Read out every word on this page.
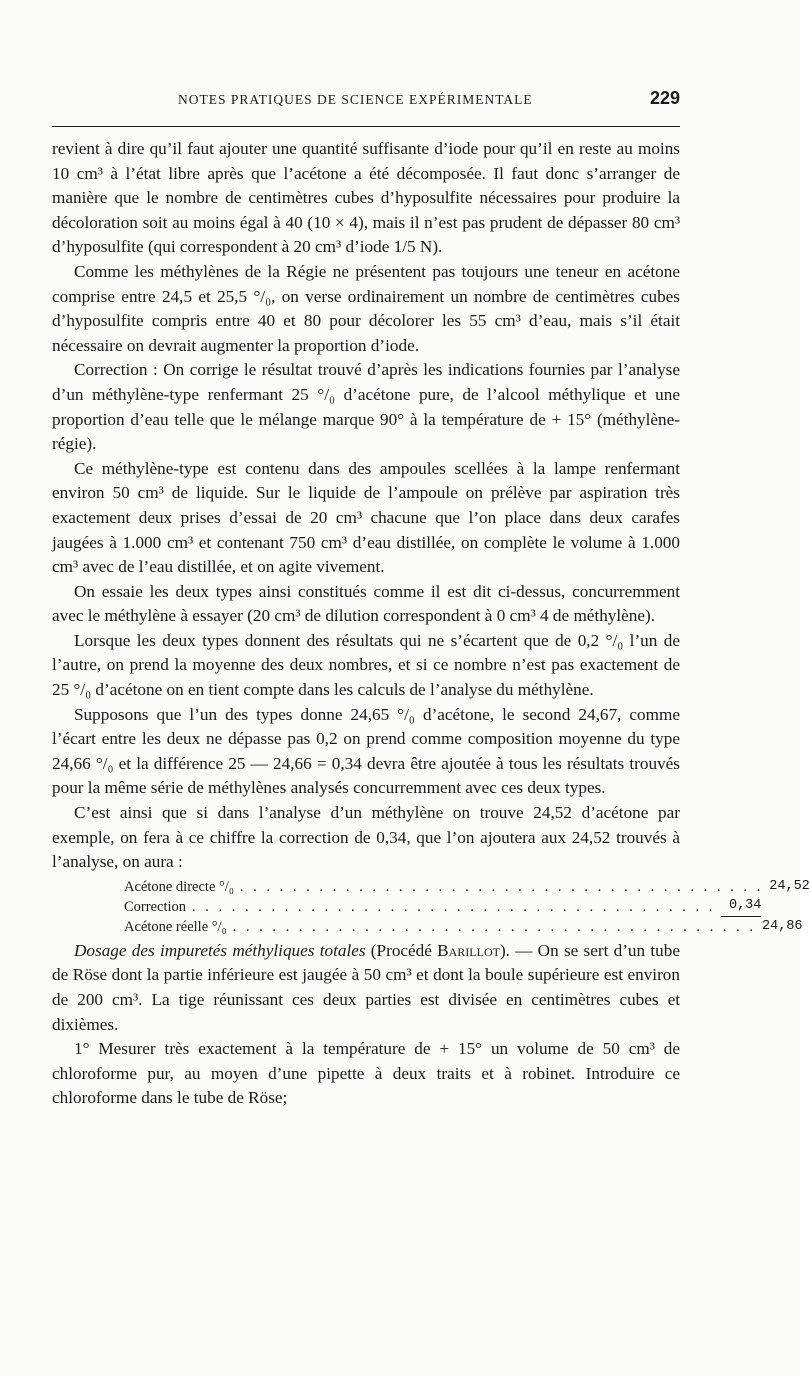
NOTES PRATIQUES DE SCIENCE EXPÉRIMENTALE	229

revient à dire qu’il faut ajouter une quantité suffisante d’iode pour qu’il en reste au moins 10 cm³ à l’état libre après que l’acétone a été décomposée. Il faut donc s’arranger de manière que le nombre de centimètres cubes d’hyposulfite nécessaires pour produire la décoloration soit au moins égal à 40 (10 × 4), mais il n’est pas prudent de dépasser 80 cm³ d’hyposulfite (qui correspondent à 20 cm³ d’iode 1/5 N).

Comme les méthylènes de la Régie ne présentent pas toujours une teneur en acétone comprise entre 24,5 et 25,5 °/₀, on verse ordinairement un nombre de centimètres cubes d’hyposulfite compris entre 40 et 80 pour décolorer les 55 cm³ d’eau, mais s’il était nécessaire on devrait augmenter la proportion d’iode.

Correction : On corrige le résultat trouvé d’après les indications fournies par l’analyse d’un méthylène-type renfermant 25 °/₀ d’acétone pure, de l’alcool méthylique et une proportion d’eau telle que le mélange marque 90° à la température de + 15° (méthylène-régie).

Ce méthylène-type est contenu dans des ampoules scellées à la lampe renfermant environ 50 cm³ de liquide. Sur le liquide de l’ampoule on prélève par aspiration très exactement deux prises d’essai de 20 cm³ chacune que l’on place dans deux carafes jaugées à 1.000 cm³ et contenant 750 cm³ d’eau distillée, on complète le volume à 1.000 cm³ avec de l’eau distillée, et on agite vivement.

On essaie les deux types ainsi constitués comme il est dit ci-dessus, concurremment avec le méthylène à essayer (20 cm³ de dilution correspondent à 0 cm³ 4 de méthylène).

Lorsque les deux types donnent des résultats qui ne s’écartent que de 0,2 °/₀ l’un de l’autre, on prend la moyenne des deux nombres, et si ce nombre n’est pas exactement de 25 °/₀ d’acétone on en tient compte dans les calculs de l’analyse du méthylène.

Supposons que l’un des types donne 24,65 °/₀ d’acétone, le second 24,67, comme l’écart entre les deux ne dépasse pas 0,2 on prend comme composition moyenne du type 24,66 °/₀ et la différence 25 — 24,66 = 0,34 devra être ajoutée à tous les résultats trouvés pour la même série de méthylènes analysés concurremment avec ces deux types.

C’est ainsi que si dans l’analyse d’un méthylène on trouve 24,52 d’acétone par exemple, on fera à ce chiffre la correction de 0,34, que l’on ajoutera aux 24,52 trouvés à l’analyse, on aura :

Acétone directe °/₀ . . . . . . . . . . . . . . . . . . . . . . . . . . . . . . . . . . . . . . . . 24,52
Correction . . . . . . . . . . . . . . . . . . . . . . . . . . . . . . . . . . . . . . . .	0,34
Acétone réelle °/₀ . . . . . . . . . . . . . . . . . . . . . . . . . . . . . . . . . . . . . . . . 24,86

Dosage des impuretés méthyliques totales (Procédé Barillot). — On se sert d’un tube de Röse dont la partie inférieure est jaugée à 50 cm³ et dont la boule supérieure est environ de 200 cm³. La tige réunissant ces deux parties est divisée en centimètres cubes et dixièmes.

1° Mesurer très exactement à la température de + 15° un volume de 50 cm³ de chloroforme pur, au moyen d’une pipette à deux traits et à robinet. Introduire ce chloroforme dans le tube de Röse;
